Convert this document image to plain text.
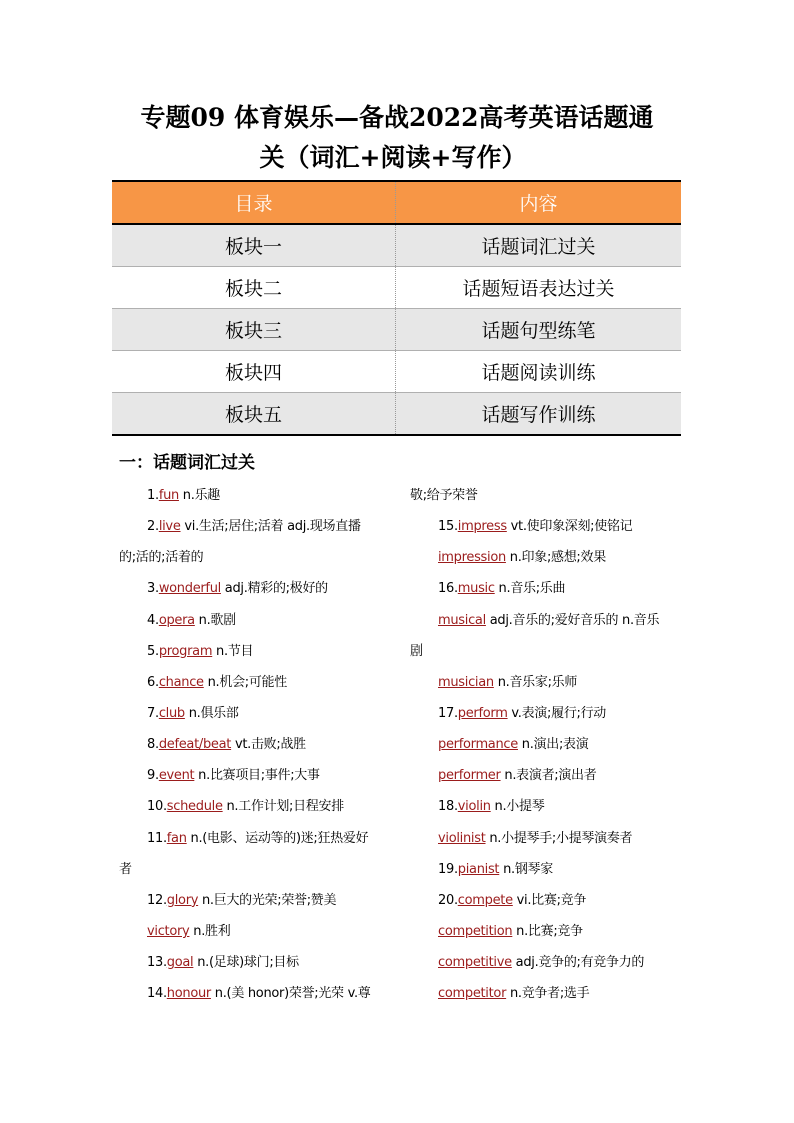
专题09 体育娱乐—备战2022高考英语话题通
关（词汇+阅读+写作）
目录	内容
板块一	话题词汇过关
板块二	话题短语表达过关
板块三	话题句型练笔
板块四	话题阅读训练
板块五	话题写作训练
一：话题词汇过关
1.fun n.乐趣
2.live vi.生活;居住;活着 adj.现场直播
的;活的;活着的
3.wonderful adj.精彩的;极好的
4.opera n.歌剧
5.program n.节目
6.chance n.机会;可能性
7.club n.俱乐部
8.defeat/beat vt.击败;战胜
9.event n.比赛项目;事件;大事
10.schedule n.工作计划;日程安排
11.fan n.(电影、运动等的)迷;狂热爱好
者
12.glory n.巨大的光荣;荣誉;赞美
victory n.胜利
13.goal n.(足球)球门;目标
14.honour n.(美 honor)荣誉;光荣 v.尊
敬;给予荣誉
15.impress vt.使印象深刻;使铭记
impression n.印象;感想;效果
16.music n.音乐;乐曲
musical adj.音乐的;爱好音乐的 n.音乐
剧
musician n.音乐家;乐师
17.perform v.表演;履行;行动
performance n.演出;表演
performer n.表演者;演出者
18.violin n.小提琴
violinist n.小提琴手;小提琴演奏者
19.pianist n.钢琴家
20.compete vi.比赛;竞争
competition n.比赛;竞争
competitive adj.竞争的;有竞争力的
competitor n.竞争者;选手
